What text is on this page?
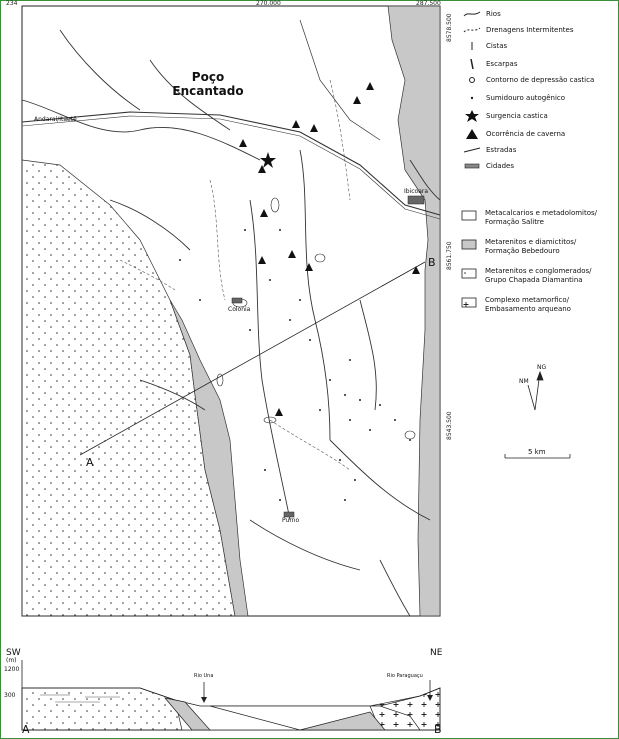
234	270.000	287.500
8578.500
8561.750
8543.500
Poço Encantado
Andaraí/Itaetê
Colonia
Ibicoara
Purno
A
B
Rios
Drenagens Intermitentes
Cistas
Escarpas
Contorno de depressão castica
Sumidouro autogênico
Surgencia castica
Ocorrência de caverna
Estradas
Cidades
Metacalcarios e metadolomitos/
Formação Salitre
Metarenitos e diamictitos/
Formação Bebedouro
Metarenitos e conglomerados/
Grupo Chapada Diamantina
Complexo metamorfico/
Embasamento arqueano
NG
NM
5 km
SW	NE
(m)
1200
300
Rio Una	Rio Paraguaçu
A	B
